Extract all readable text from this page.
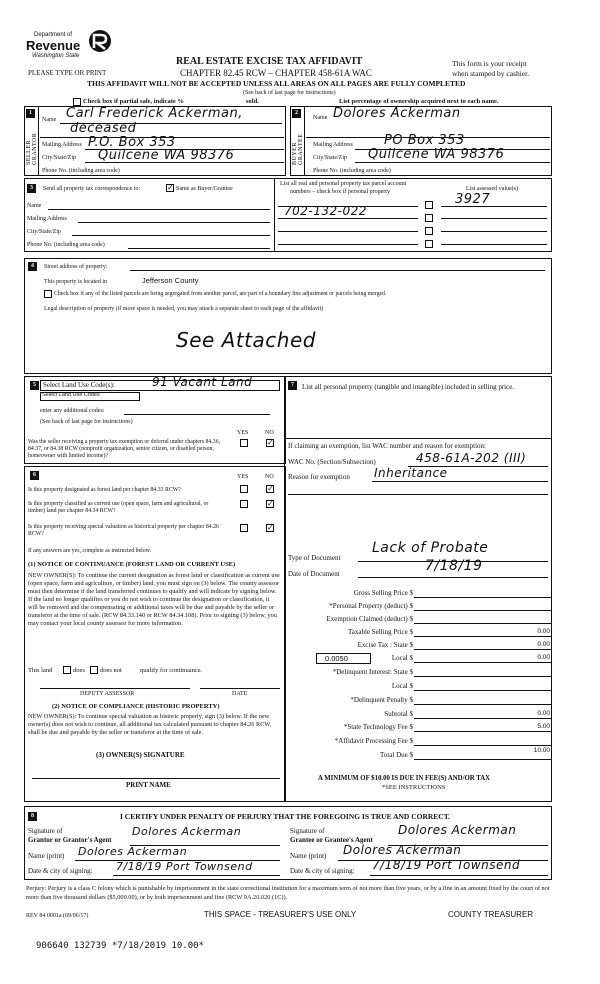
Department of
Revenue
Washington State
PLEASE TYPE OR PRINT
REAL ESTATE EXCISE TAX AFFIDAVIT
CHAPTER 82.45 RCW – CHAPTER 458-61A WAC
THIS AFFIDAVIT WILL NOT BE ACCEPTED UNLESS ALL AREAS ON ALL PAGES ARE FULLY COMPLETED
(See back of last page for instructions)
This form is your receipt
when stamped by cashier.
Check box if partial sale, indicate %	sold.	List percentage of ownership acquired next to each name.
1
SELLER GRANTOR
Name Carl Frederick Ackerman,
deceased
Mailing Address P.O. Box 353
City/State/Zip Quilcene WA 98376
Phone No. (including area code)
2
BUYER GRANTEE
Name Dolores Ackerman
Mailing Address PO Box 353
City/State/Zip Quilcene WA 98376
Phone No. (including area code)
3	Send all property tax correspondence to:
✓	Same as Buyer/Grantee
Name
Mailing Address
City/State/Zip
Phone No. (including area code)
List all real and personal property tax parcel account
numbers – check box if personal property	List assessed value(s)
702-132-022
3927
4	Street address of property:
This property is located in	Jefferson County
Check box if any of the listed parcels are being segregated from another parcel, are part of a boundary line adjustment or parcels being merged.
Legal description of property (if more space is needed, you may attach a separate sheet to each page of the affidavit)
See Attached
5	Select Land Use Code(s):	91 Vacant Land
Select Land Use Codes
enter any additional codes:
(See back of last page for instructions)
YES	NO
Was the seller receiving a property tax exemption or deferral under chapters 84.36, 84.37, or 84.38 RCW (nonprofit organization, senior citizen, or disabled person, homeowner with limited income)?
✓
6	YES	NO
Is this property designated as forest land per chapter 84.33 RCW?
✓
Is this property classified as current use (open space, farm and agricultural, or timber) land per chapter 84.34 RCW?
✓
Is this property receiving special valuation as historical property per chapter 84.26 RCW?
✓
If any answers are yes, complete as instructed below.
(1) NOTICE OF CONTINUANCE (FOREST LAND OR CURRENT USE)
NEW OWNER(S): To continue the current designation as forest land or classification as current use (open space, farm and agriculture, or timber) land, you must sign on (3) below. The county assessor must then determine if the land transferred continues to qualify and will indicate by signing below. If the land no longer qualifies or you do not wish to continue the designation or classification, it will be removed and the compensating or additional taxes will be due and payable by the seller or transferor at the time of sale. (RCW 84.33.140 or RCW 84.34.108). Prior to signing (3) below, you may contact your local county assessor for more information.
This land	does does not	qualify for continuance.
DEPUTY ASSESSOR	DATE
(2) NOTICE OF COMPLIANCE (HISTORIC PROPERTY)
NEW OWNER(S): To continue special valuation as historic property, sign (3) below. If the new owner(s) does not wish to continue, all additional tax calculated pursuant to chapter 84.26 RCW, shall be due and payable by the seller or transferor at the time of sale.
(3) OWNER(S) SIGNATURE
PRINT NAME
7	List all personal property (tangible and intangible) included in selling price.
If claiming an exemption, list WAC number and reason for exemption:
WAC No. (Section/Subsection)	458-61A-202 (III)
Reason for exemption Inheritance
Type of Document
Lack of Probate
Date of Document	7/18/19
Gross Selling Price $
*Personal Property (deduct) $
Exemption Claimed (deduct) $
Taxable Selling Price $	0.00
Excise Tax : State $	0.00
0.0050	Local $	0.00
*Delinquent Interest: State $
Local $
*Delinquent Penalty $
Subtotal $	0.00
*State Technology Fee $	5.00
*Affidavit Processing Fee $
Total Due $
10.00
A MINIMUM OF $10.00 IS DUE IN FEE(S) AND/OR TAX
*SEE INSTRUCTIONS
8	I CERTIFY UNDER PENALTY OF PERJURY THAT THE FOREGOING IS TRUE AND CORRECT.
Signature of
Grantor or Grantor's Agent
Dolores Ackerman
Name (print) Dolores Ackerman
Date & city of signing: 7/18/19 Port Townsend
Signature of
Grantee or Grantee's Agent
Dolores Ackerman
Name (print) Dolores Ackerman
Date & city of signing: 7/18/19 Port Townsend
Perjury: Perjury is a class C felony which is punishable by imprisonment in the state correctional institution for a maximum term of not more than five years, or by a fine in an amount fixed by the court of not more than five thousand dollars ($5,000.00), or by both imprisonment and fine (RCW 9A.20.020 (1C)).
REV 84 0001a (09/06/17)	THIS SPACE - TREASURER'S USE ONLY	COUNTY TREASURER
906640 132739 *7/18/2019 10.00*
